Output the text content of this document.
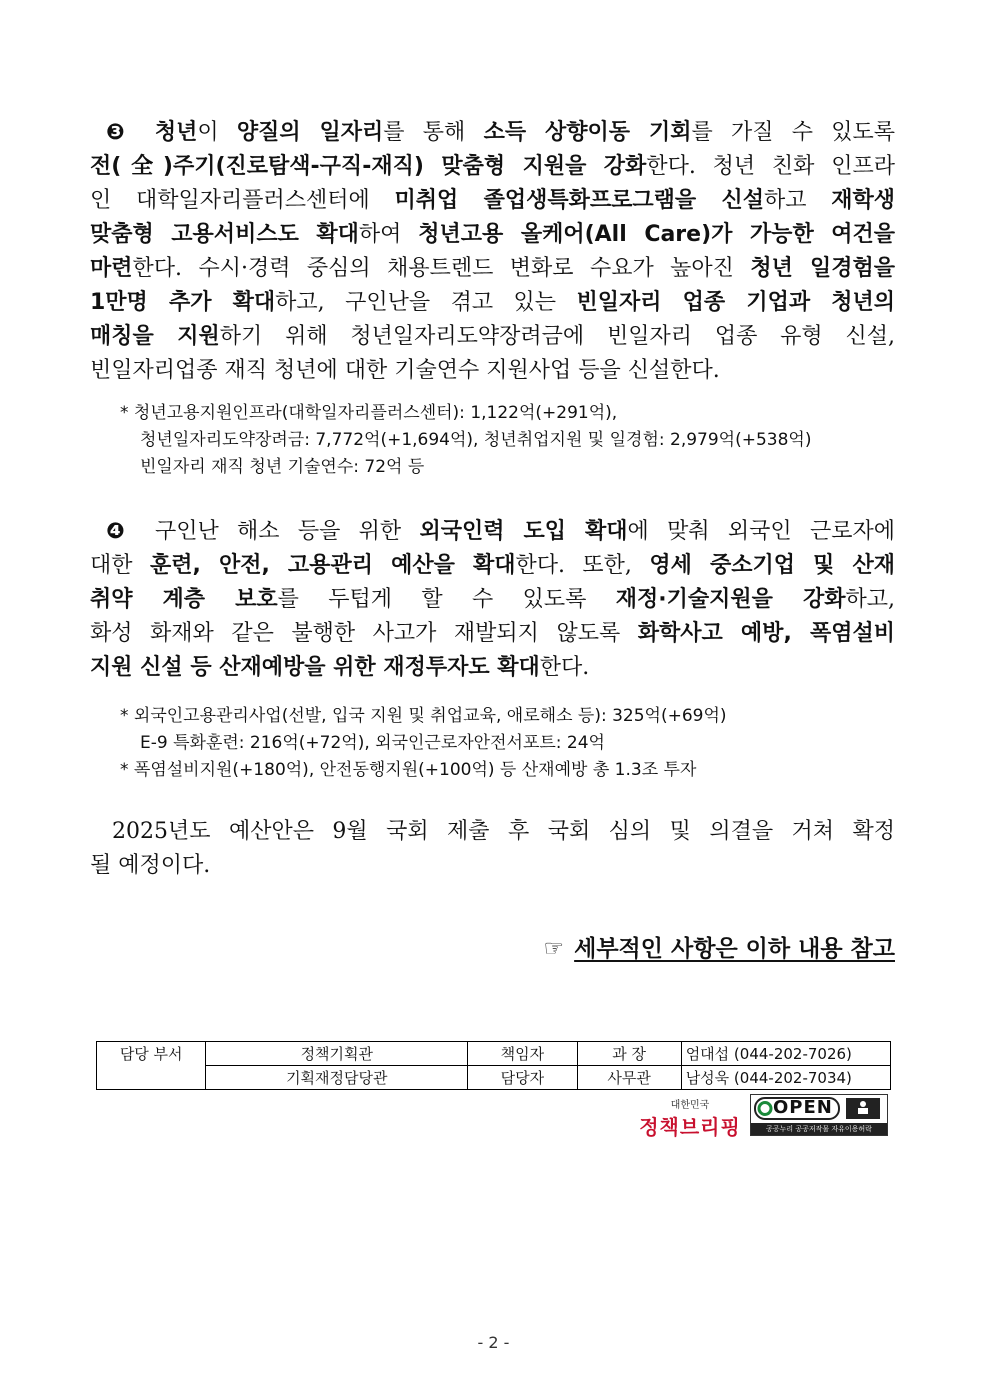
❸ 청년이 양질의 일자리를 통해 소득 상향이동 기회를 가질 수 있도록
전(全)주기(진로탐색-구직-재직) 맞춤형 지원을 강화한다. 청년 친화 인프라
인 대학일자리플러스센터에 미취업 졸업생특화프로그램을 신설하고 재학생
맞춤형 고용서비스도 확대하여 청년고용 올케어(All Care)가 가능한 여건을
마련한다. 수시·경력 중심의 채용트렌드 변화로 수요가 높아진 청년 일경험을
1만명 추가 확대하고, 구인난을 겪고 있는 빈일자리 업종 기업과 청년의
매칭을 지원하기 위해 청년일자리도약장려금에 빈일자리 업종 유형 신설,
빈일자리업종 재직 청년에 대한 기술연수 지원사업 등을 신설한다.
* 청년고용지원인프라(대학일자리플러스센터): 1,122억(+291억),
청년일자리도약장려금: 7,772억(+1,694억), 청년취업지원 및 일경험: 2,979억(+538억)
빈일자리 재직 청년 기술연수: 72억 등
❹ 구인난 해소 등을 위한 외국인력 도입 확대에 맞춰 외국인 근로자에
대한 훈련, 안전, 고용관리 예산을 확대한다. 또한, 영세 중소기업 및 산재
취약 계층 보호를 두텁게 할 수 있도록 재정·기술지원을 강화하고,
화성 화재와 같은 불행한 사고가 재발되지 않도록 화학사고 예방, 폭염설비
지원 신설 등 산재예방을 위한 재정투자도 확대한다.
* 외국인고용관리사업(선발, 입국 지원 및 취업교육, 애로해소 등): 325억(+69억)
E-9 특화훈련: 216억(+72억), 외국인근로자안전서포트: 24억
* 폭염설비지원(+180억), 안전동행지원(+100억) 등 산재예방 총 1.3조 투자
2025년도 예산안은 9월 국회 제출 후 국회 심의 및 의결을 거쳐 확정
될 예정이다.
☞ 세부적인 사항은 이하 내용 참고
담당 부서	정책기획관	책임자	과 장	엄대섭 (044-202-7026)
	기획재정담당관	담당자	사무관	남성욱 (044-202-7034)
대한민국
정책브리핑
OPEN
공공누리 공공저작물 자유이용허락
- 2 -
